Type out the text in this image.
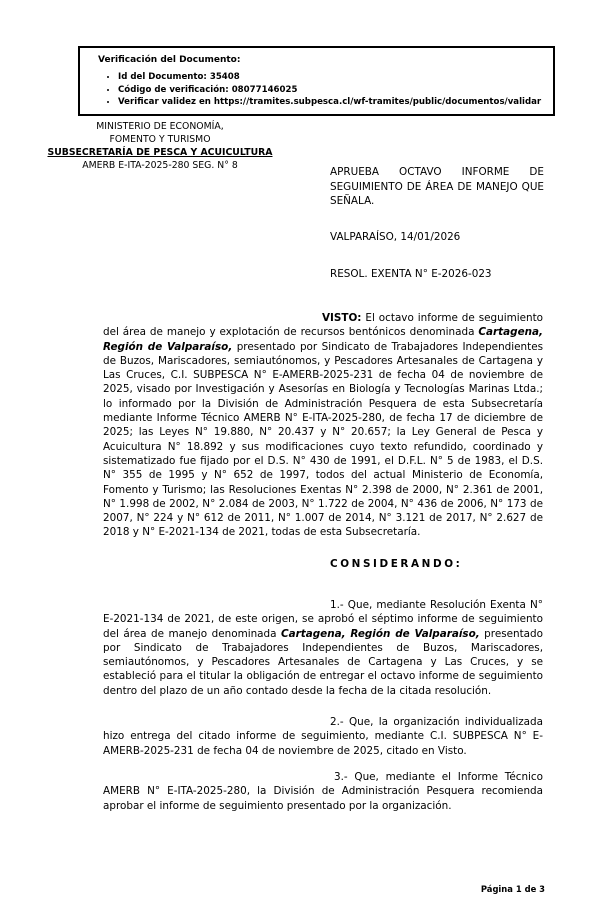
Verificación del Documento:

• Id del Documento: 35408
• Código de verificación: 08077146025
• Verificar validez en https://tramites.subpesca.cl/wf-tramites/public/documentos/validar
MINISTERIO DE ECONOMÍA,
FOMENTO Y TURISMO
SUBSECRETARÍA DE PESCA Y ACUICULTURA
AMERB E-ITA-2025-280 SEG. N° 8
APRUEBA OCTAVO INFORME DE SEGUIMIENTO DE ÁREA DE MANEJO QUE SEÑALA.
VALPARAÍSO, 14/01/2026
RESOL. EXENTA N° E-2026-023

VISTO: El octavo informe de seguimiento del área de manejo y explotación de recursos bentónicos denominada Cartagena, Región de Valparaíso, presentado por Sindicato de Trabajadores Independientes de Buzos, Mariscadores, semiautónomos, y Pescadores Artesanales de Cartagena y Las Cruces, C.I. SUBPESCA N° E-AMERB-2025-231 de fecha 04 de noviembre de 2025, visado por Investigación y Asesorías en Biología y Tecnologías Marinas Ltda.; lo informado por la División de Administración Pesquera de esta Subsecretaría mediante Informe Técnico AMERB N° E-ITA-2025-280, de fecha 17 de diciembre de 2025; las Leyes N° 19.880, N° 20.437 y N° 20.657; la Ley General de Pesca y Acuicultura N° 18.892 y sus modificaciones cuyo texto refundido, coordinado y sistematizado fue fijado por el D.S. N° 430 de 1991, el D.F.L. N° 5 de 1983, el D.S. N° 355 de 1995 y N° 652 de 1997, todos del actual Ministerio de Economía, Fomento y Turismo; las Resoluciones Exentas N° 2.398 de 2000, N° 2.361 de 2001, N° 1.998 de 2002, N° 2.084 de 2003, N° 1.722 de 2004, N° 436 de 2006, N° 173 de 2007, N° 224 y N° 612 de 2011, N° 1.007 de 2014, N° 3.121 de 2017, N° 2.627 de 2018 y N° E-2021-134 de 2021, todas de esta Subsecretaría.

CONSIDERANDO:

1.- Que, mediante Resolución Exenta N° E-2021-134 de 2021, de este origen, se aprobó el séptimo informe de seguimiento del área de manejo denominada Cartagena, Región de Valparaíso, presentado por Sindicato de Trabajadores Independientes de Buzos, Mariscadores, semiautónomos, y Pescadores Artesanales de Cartagena y Las Cruces, y se estableció para el titular la obligación de entregar el octavo informe de seguimiento dentro del plazo de un año contado desde la fecha de la citada resolución.

2.- Que, la organización individualizada hizo entrega del citado informe de seguimiento, mediante C.I. SUBPESCA N° E-AMERB-2025-231 de fecha 04 de noviembre de 2025, citado en Visto.

3.- Que, mediante el Informe Técnico AMERB N° E-ITA-2025-280, la División de Administración Pesquera recomienda aprobar el informe de seguimiento presentado por la organización.

Página 1 de 3
